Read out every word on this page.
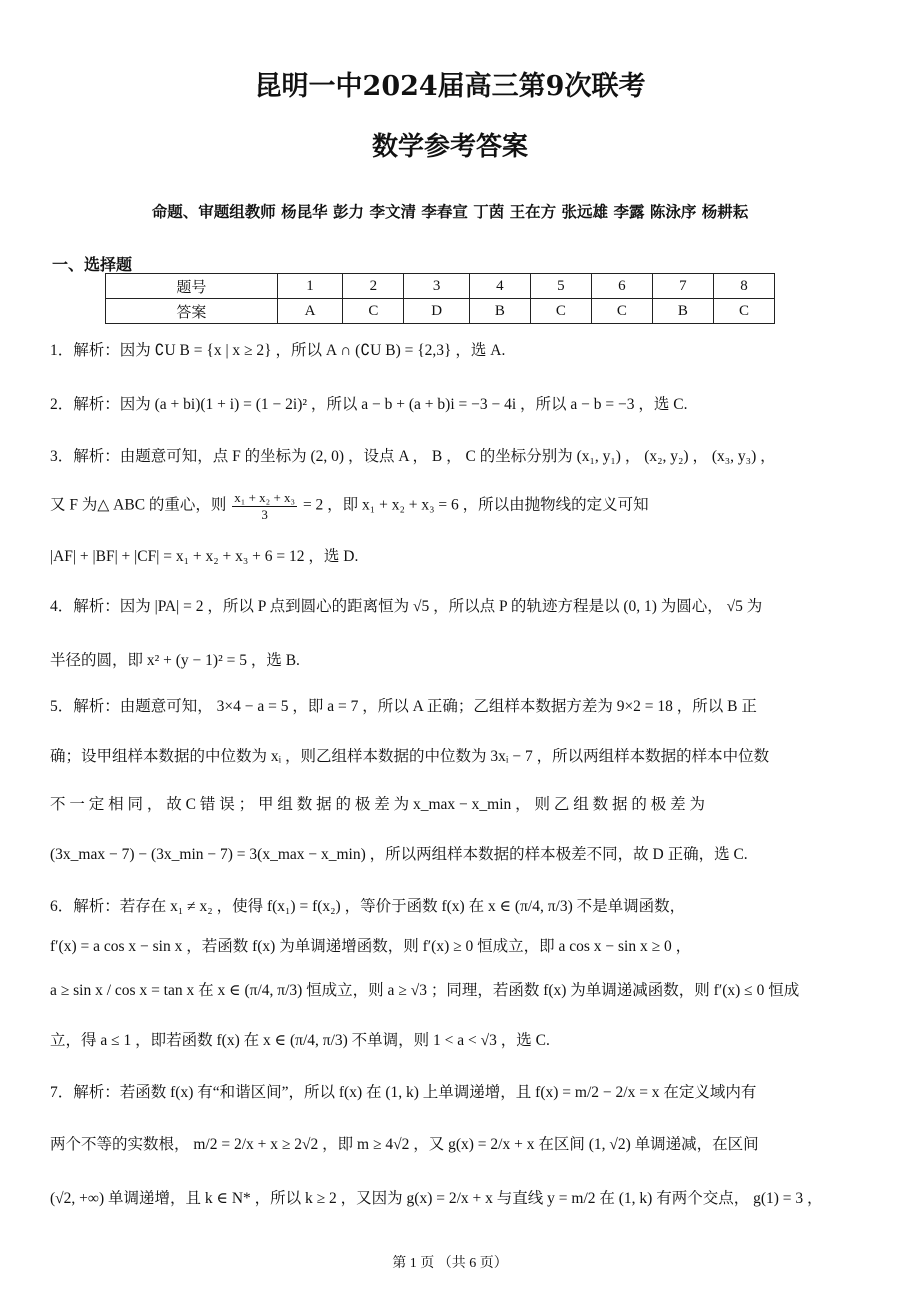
昆明一中2024届高三第9次联考
数学参考答案
命题、审题组教师 杨昆华 彭力 李文清 李春宣 丁茵 王在方 张远雄 李露 陈泳序 杨耕耘
一、选择题
题号	1	2	3	4	5	6	7	8
答案	A	C	D	B	C	C	B	C
1．解析：因为 ∁U B = {x | x ≥ 2} ，所以 A ∩ (∁U B) = {2,3} ，选 A.
2．解析：因为 (a + bi)(1 + i) = (1 − 2i)² ，所以 a − b + (a + b)i = −3 − 4i ，所以 a − b = −3 ，选 C.
3．解析：由题意可知，点 F 的坐标为 (2, 0) ，设点 A ， B ， C 的坐标分别为 (x₁, y₁) ， (x₂, y₂) ， (x₃, y₃) ，
又 F 为△ ABC 的重心，则 $\frac{\text{x₁ + x₂ + x₃}}{3} = 2$ ，即 x₁ + x₂ + x₃ = 6 ，所以由抛物线的定义可知
|AF| + |BF| + |CF| = x₁ + x₂ + x₃ + 6 = 12 ，选 D.
4．解析：因为 |PA| = 2 ，所以 P 点到圆心的距离恒为 √5 ，所以点 P 的轨迹方程是以 (0, 1) 为圆心， √5 为
半径的圆，即 x² + (y − 1)² = 5 ，选 B.
5．解析：由题意可知， 3×4 − a = 5 ，即 a = 7 ，所以 A 正确；乙组样本数据方差为 9×2 = 18 ，所以 B 正
确；设甲组样本数据的中位数为 xᵢ ，则乙组样本数据的中位数为 3xᵢ − 7 ，所以两组样本数据的样本中位数
不 一 定 相 同 ， 故 C 错 误 ； 甲 组 数 据 的 极 差 为 x_max − x_min ， 则 乙 组 数 据 的 极 差 为
(3x_max − 7) − (3x_min − 7) = 3(x_max − x_min) ，所以两组样本数据的样本极差不同，故 D 正确，选 C.
6．解析：若存在 x₁ ≠ x₂ ，使得 f(x₁) = f(x₂) ，等价于函数 f(x) 在 x ∈ (π/4, π/3) 不是单调函数，
f′(x) = a cos x − sin x ，若函数 f(x) 为单调递增函数，则 f′(x) ≥ 0 恒成立，即 a cos x − sin x ≥ 0 ，
a ≥ sin x / cos x = tan x 在 x ∈ (π/4, π/3) 恒成立，则 a ≥ √3 ；同理，若函数 f(x) 为单调递减函数，则 f′(x) ≤ 0 恒成
立，得 a ≤ 1 ，即若函数 f(x) 在 x ∈ (π/4, π/3) 不单调，则 1 < a < √3 ，选 C.
7．解析：若函数 f(x) 有“和谐区间”，所以 f(x) 在 (1, k) 上单调递增，且 f(x) = m/2 − 2/x = x 在定义域内有
两个不等的实数根， m/2 = 2/x + x ≥ 2√2 ，即 m ≥ 4√2 ，又 g(x) = 2/x + x 在区间 (1, √2) 单调递减，在区间
(√2, +∞) 单调递增，且 k ∈ N* ，所以 k ≥ 2 ，又因为 g(x) = 2/x + x 与直线 y = m/2 在 (1, k) 有两个交点， g(1) = 3 ，
第 1 页 （共 6 页）
